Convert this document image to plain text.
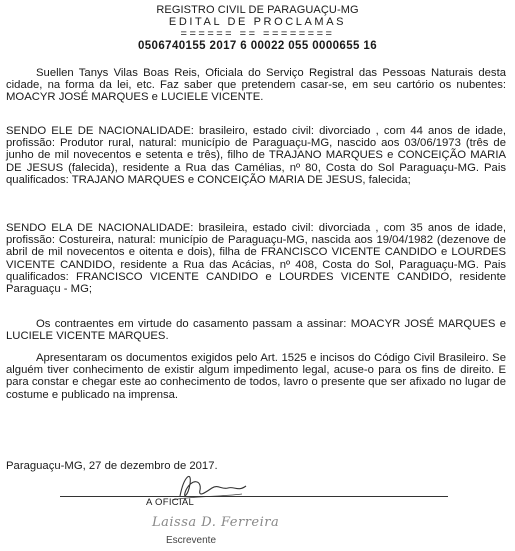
REGISTRO CIVIL DE PARAGUAÇU-MG
EDITAL DE PROCLAMAS
====== == ========
0506740155 2017 6 00022 055 0000655 16

Suellen Tanys Vilas Boas Reis, Oficiala do Serviço Registral das Pessoas Naturais desta cidade, na forma da lei, etc. Faz saber que pretendem casar-se, em seu cartório os nubentes: MOACYR JOSÉ MARQUES e LUCIELE VICENTE.

SENDO ELE DE NACIONALIDADE: brasileiro, estado civil: divorciado , com 44 anos de idade, profissão: Produtor rural, natural: município de Paraguaçu-MG, nascido aos 03/06/1973 (três de junho de mil novecentos e setenta e três), filho de TRAJANO MARQUES e CONCEIÇÃO MARIA DE JESUS (falecida), residente a Rua das Camélias, nº 80, Costa do Sol Paraguaçu-MG. Pais qualificados: TRAJANO MARQUES e CONCEIÇÃO MARIA DE JESUS, falecida;

SENDO ELA DE NACIONALIDADE: brasileira, estado civil: divorciada , com 35 anos de idade, profissão: Costureira, natural: município de Paraguaçu-MG, nascida aos 19/04/1982 (dezenove de abril de mil novecentos e oitenta e dois), filha de FRANCISCO VICENTE CANDIDO e LOURDES VICENTE CANDIDO, residente a Rua das Acácias, nº 408, Costa do Sol, Paraguaçu-MG. Pais qualificados: FRANCISCO VICENTE CANDIDO e LOURDES VICENTE CANDIDO, residente Paraguaçu - MG;

Os contraentes em virtude do casamento passam a assinar: MOACYR JOSÉ MARQUES e LUCIELE VICENTE MARQUES.

Apresentaram os documentos exigidos pelo Art. 1525 e incisos do Código Civil Brasileiro. Se alguém tiver conhecimento de existir algum impedimento legal, acuse-o para os fins de direito. E para constar e chegar este ao conhecimento de todos, lavro o presente que ser afixado no lugar de costume e publicado na imprensa.

Paraguaçu-MG, 27 de dezembro de 2017.
A OFICIAL
Laissa D. Ferreira
Escrevente
